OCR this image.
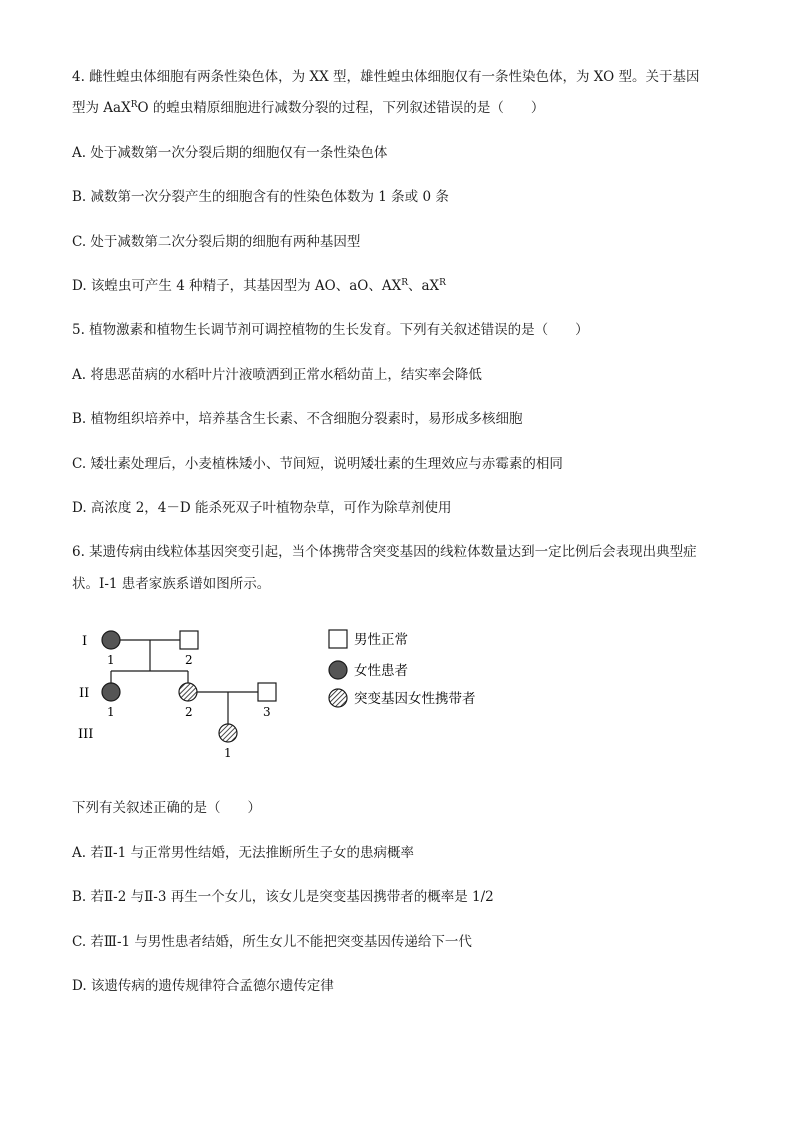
4. 雌性蝗虫体细胞有两条性染色体，为 XX 型，雄性蝗虫体细胞仅有一条性染色体，为 XO 型。关于基因
型为 AaX$^R$O 的蝗虫精原细胞进行减数分裂的过程，下列叙述错误的是（　　）
A. 处于减数第一次分裂后期的细胞仅有一条性染色体
B. 减数第一次分裂产生的细胞含有的性染色体数为 1 条或 0 条
C. 处于减数第二次分裂后期的细胞有两种基因型
D. 该蝗虫可产生 4 种精子，其基因型为 AO、aO、$AX^R$、$aX^R$
5. 植物激素和植物生长调节剂可调控植物的生长发育。下列有关叙述错误的是（　　）
A. 将患恶苗病的水稻叶片汁液喷洒到正常水稻幼苗上，结实率会降低
B. 植物组织培养中，培养基含生长素、不含细胞分裂素时，易形成多核细胞
C. 矮壮素处理后，小麦植株矮小、节间短，说明矮壮素的生理效应与赤霉素的相同
D. 高浓度 2，4－D 能杀死双子叶植物杂草，可作为除草剂使用
6. 某遗传病由线粒体基因突变引起，当个体携带含突变基因的线粒体数量达到一定比例后会表现出典型症
状。Ⅰ-1 患者家族系谱如图所示。
I
II
III
1	2
1	2	3
1
男性正常
女性患者
突变基因女性携带者
下列有关叙述正确的是（　　）
A. 若Ⅱ-1 与正常男性结婚，无法推断所生子女的患病概率
B. 若Ⅱ-2 与Ⅱ-3 再生一个女儿，该女儿是突变基因携带者的概率是 1/2
C. 若Ⅲ-1 与男性患者结婚，所生女儿不能把突变基因传递给下一代
D. 该遗传病的遗传规律符合孟德尔遗传定律
